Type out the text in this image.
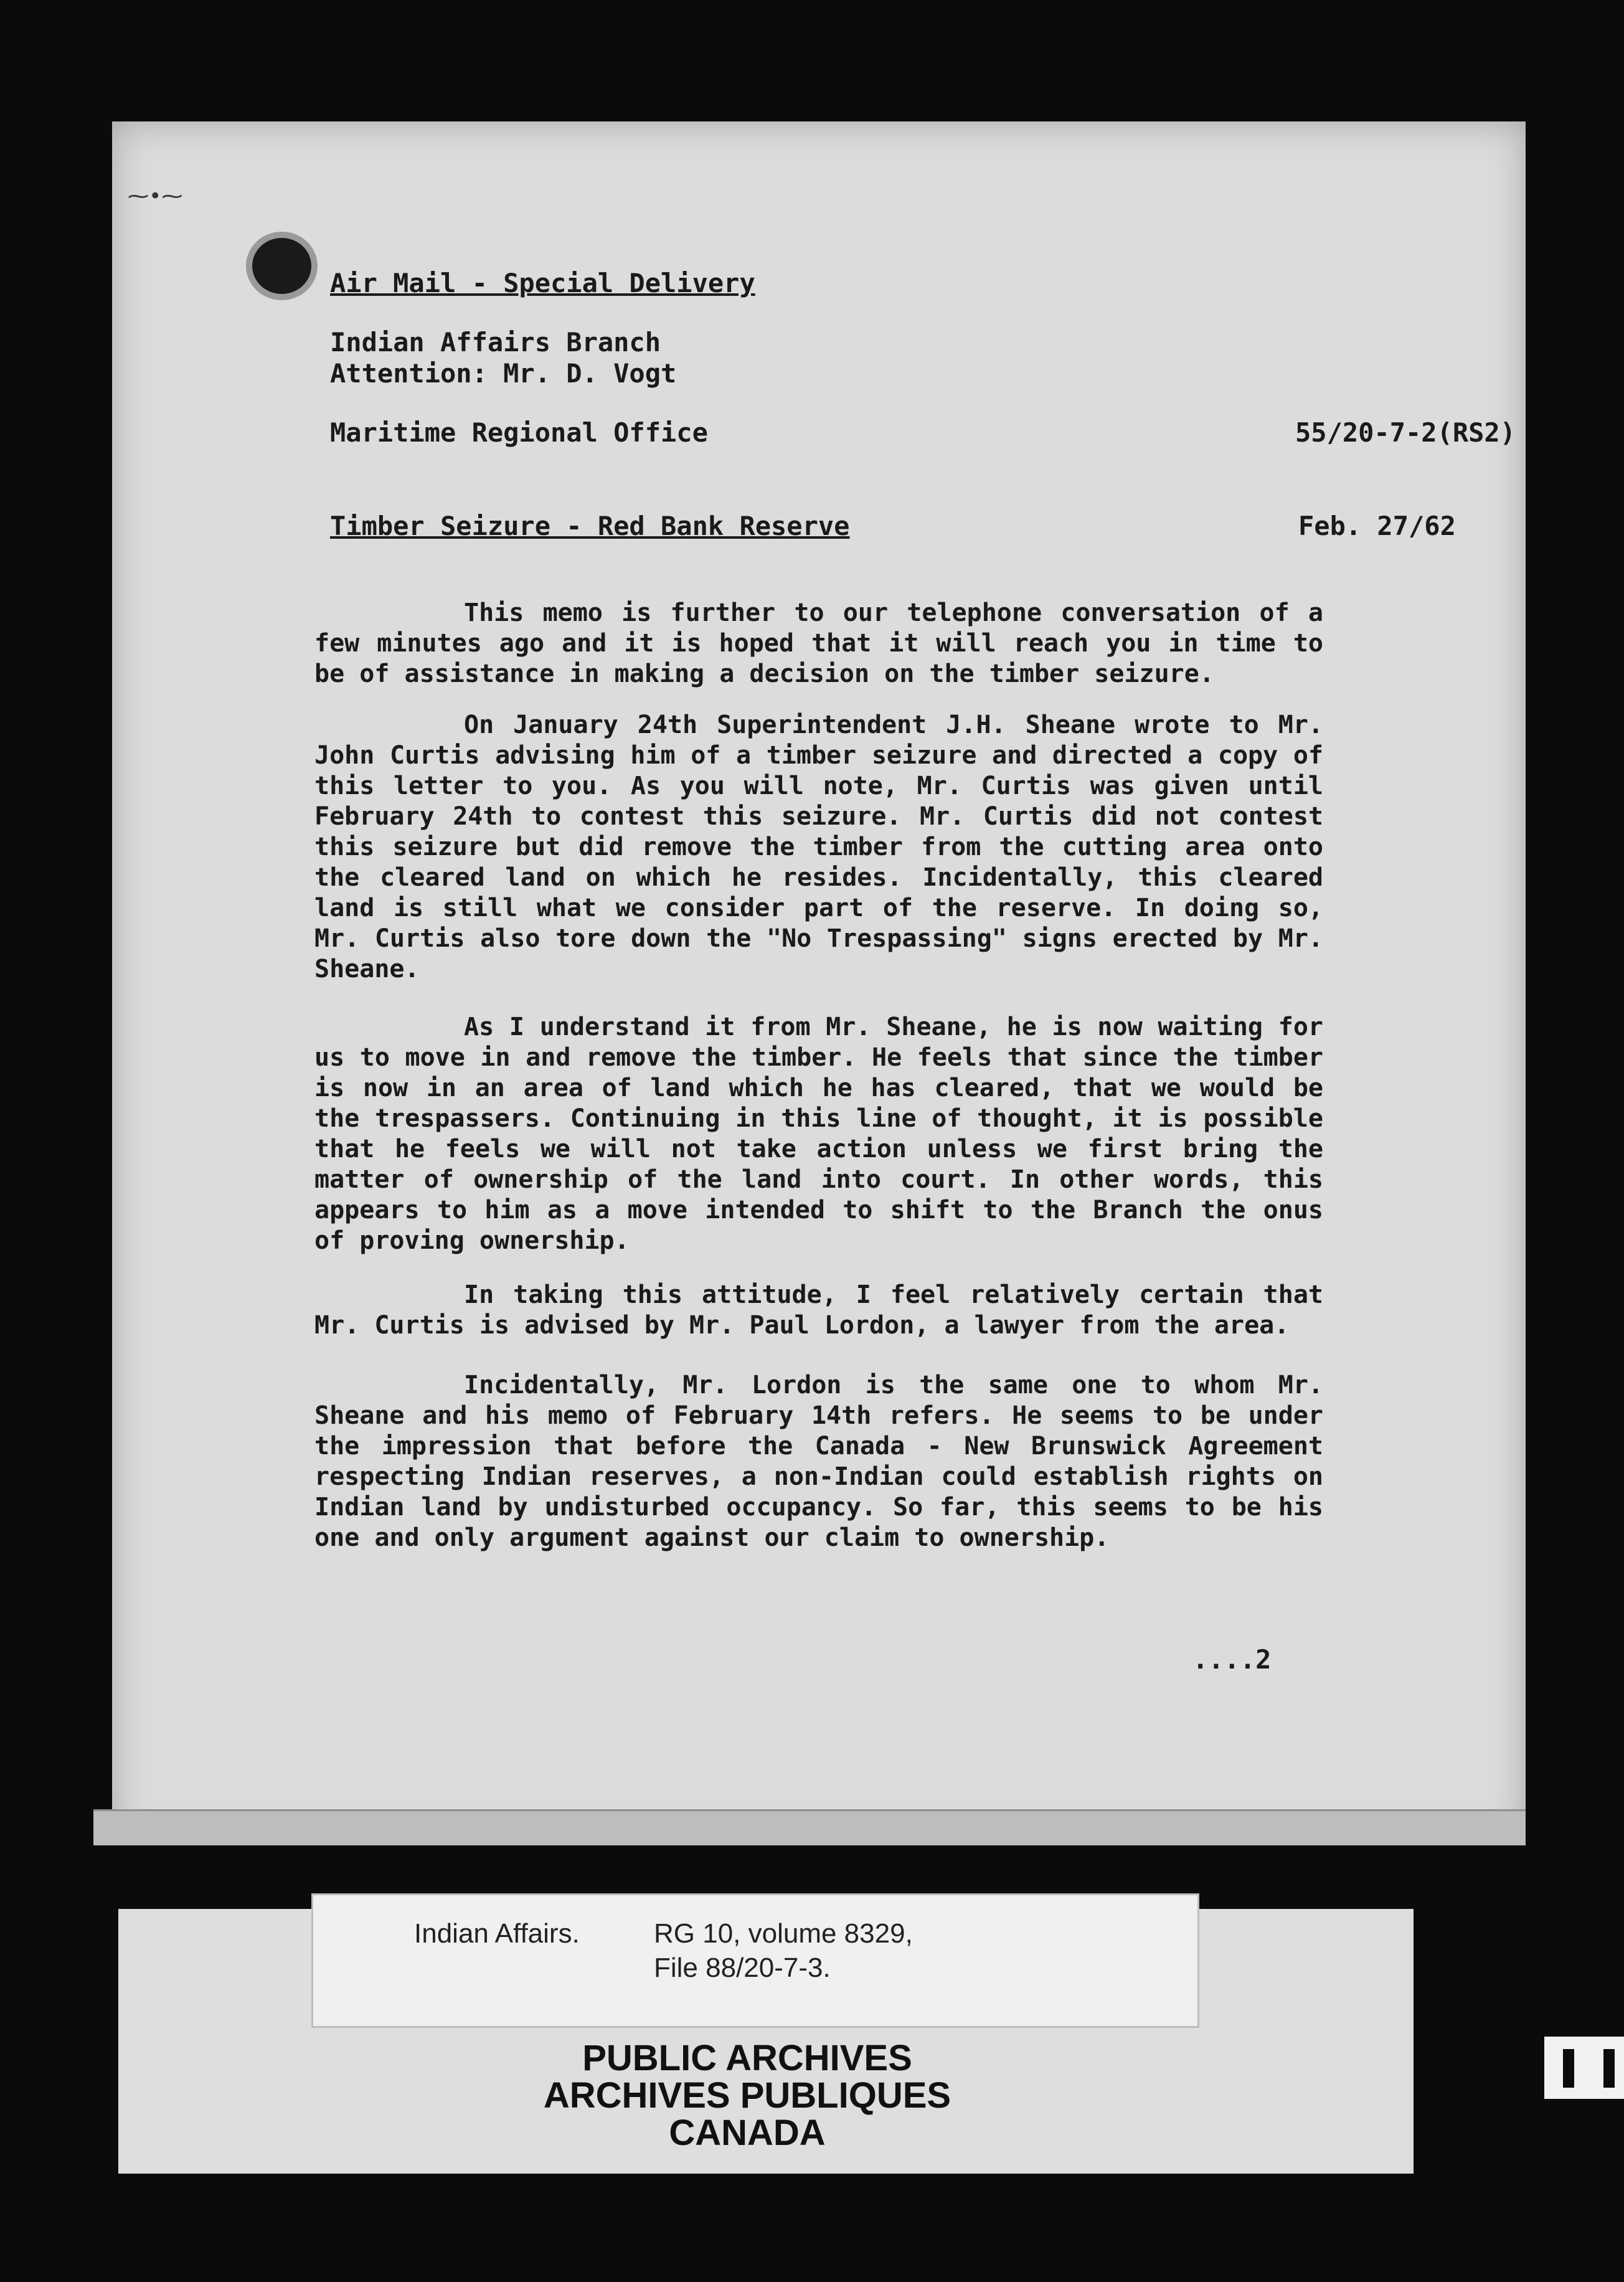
⁓•⁓
Air Mail - Special Delivery
Indian Affairs Branch
Attention: Mr. D. Vogt
Maritime Regional Office	55/20-7-2(RS2)
Timber Seizure - Red Bank Reserve	Feb. 27/62
This memo is further to our telephone conversation of a few minutes ago and it is hoped that it will reach you in time to be of assistance in making a decision on the timber seizure.
On January 24th Superintendent J.H. Sheane wrote to Mr. John Curtis advising him of a timber seizure and directed a copy of this letter to you. As you will note, Mr. Curtis was given until February 24th to contest this seizure. Mr. Curtis did not contest this seizure but did remove the timber from the cutting area onto the cleared land on which he resides. Incidentally, this cleared land is still what we consider part of the reserve. In doing so, Mr. Curtis also tore down the "No Trespassing" signs erected by Mr. Sheane.
As I understand it from Mr. Sheane, he is now waiting for us to move in and remove the timber. He feels that since the timber is now in an area of land which he has cleared, that we would be the trespassers. Continuing in this line of thought, it is possible that he feels we will not take action unless we first bring the matter of ownership of the land into court. In other words, this appears to him as a move intended to shift to the Branch the onus of proving ownership.
In taking this attitude, I feel relatively certain that Mr. Curtis is advised by Mr. Paul Lordon, a lawyer from the area.
Incidentally, Mr. Lordon is the same one to whom Mr. Sheane and his memo of February 14th refers. He seems to be under the impression that before the Canada - New Brunswick Agreement respecting Indian reserves, a non-Indian could establish rights on Indian land by undisturbed occupancy. So far, this seems to be his one and only argument against our claim to ownership.
....2
Indian Affairs.	RG 10, volume 8329,
File 88/20-7-3.
PUBLIC ARCHIVES
ARCHIVES PUBLIQUES
CANADA
